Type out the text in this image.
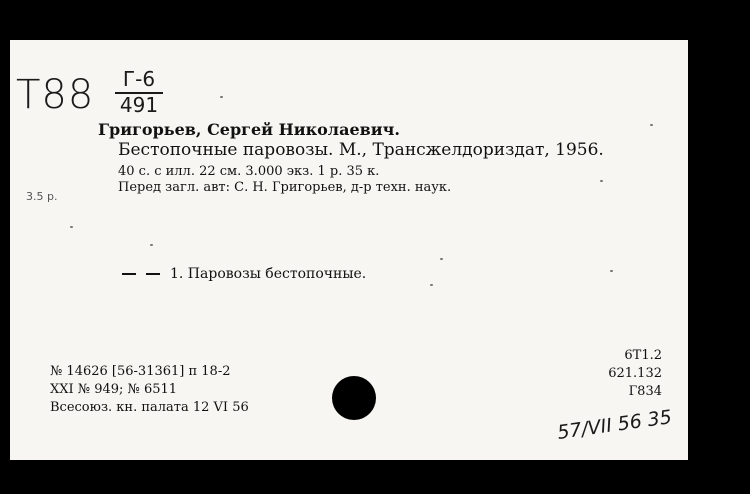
Т88	Г-6
491
Григорьев, Сергей Николаевич.
Бестопочные паровозы. М., Трансжелдориздат, 1956.
40 с. с илл. 22 см. 3.000 экз. 1 р. 35 к.
Перед загл. авт: С. Н. Григорьев, д-р техн. наук.
3.5 р.
1. Паровозы бестопочные.
№ 14626 [56-31361] п 18-2
XXI № 949; № 6511
Всесоюз. кн. палата 12 VI 56
6Т1.2
621.132
Г834
57/VII 56 35
